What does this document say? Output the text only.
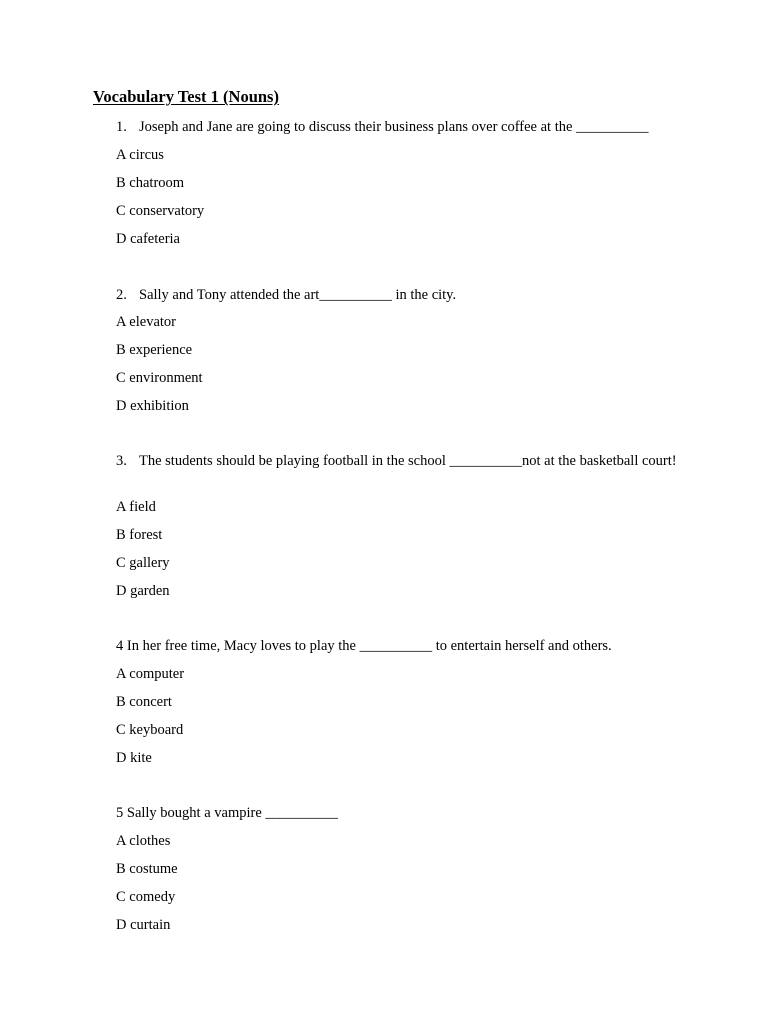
Vocabulary Test 1 (Nouns)
1. Joseph and Jane are going to discuss their business plans over coffee at the __________
A circus
B chatroom
C conservatory
D cafeteria
2. Sally and Tony attended the art__________ in the city.
A elevator
B experience
C environment
D exhibition
3. The students should be playing football in the school __________not at the basketball court!
A field
B forest
C gallery
D garden
4 In her free time, Macy loves to play the __________ to entertain herself and others.
A computer
B concert
C keyboard
D kite
5 Sally bought a vampire __________
A clothes
B costume
C comedy
D curtain
